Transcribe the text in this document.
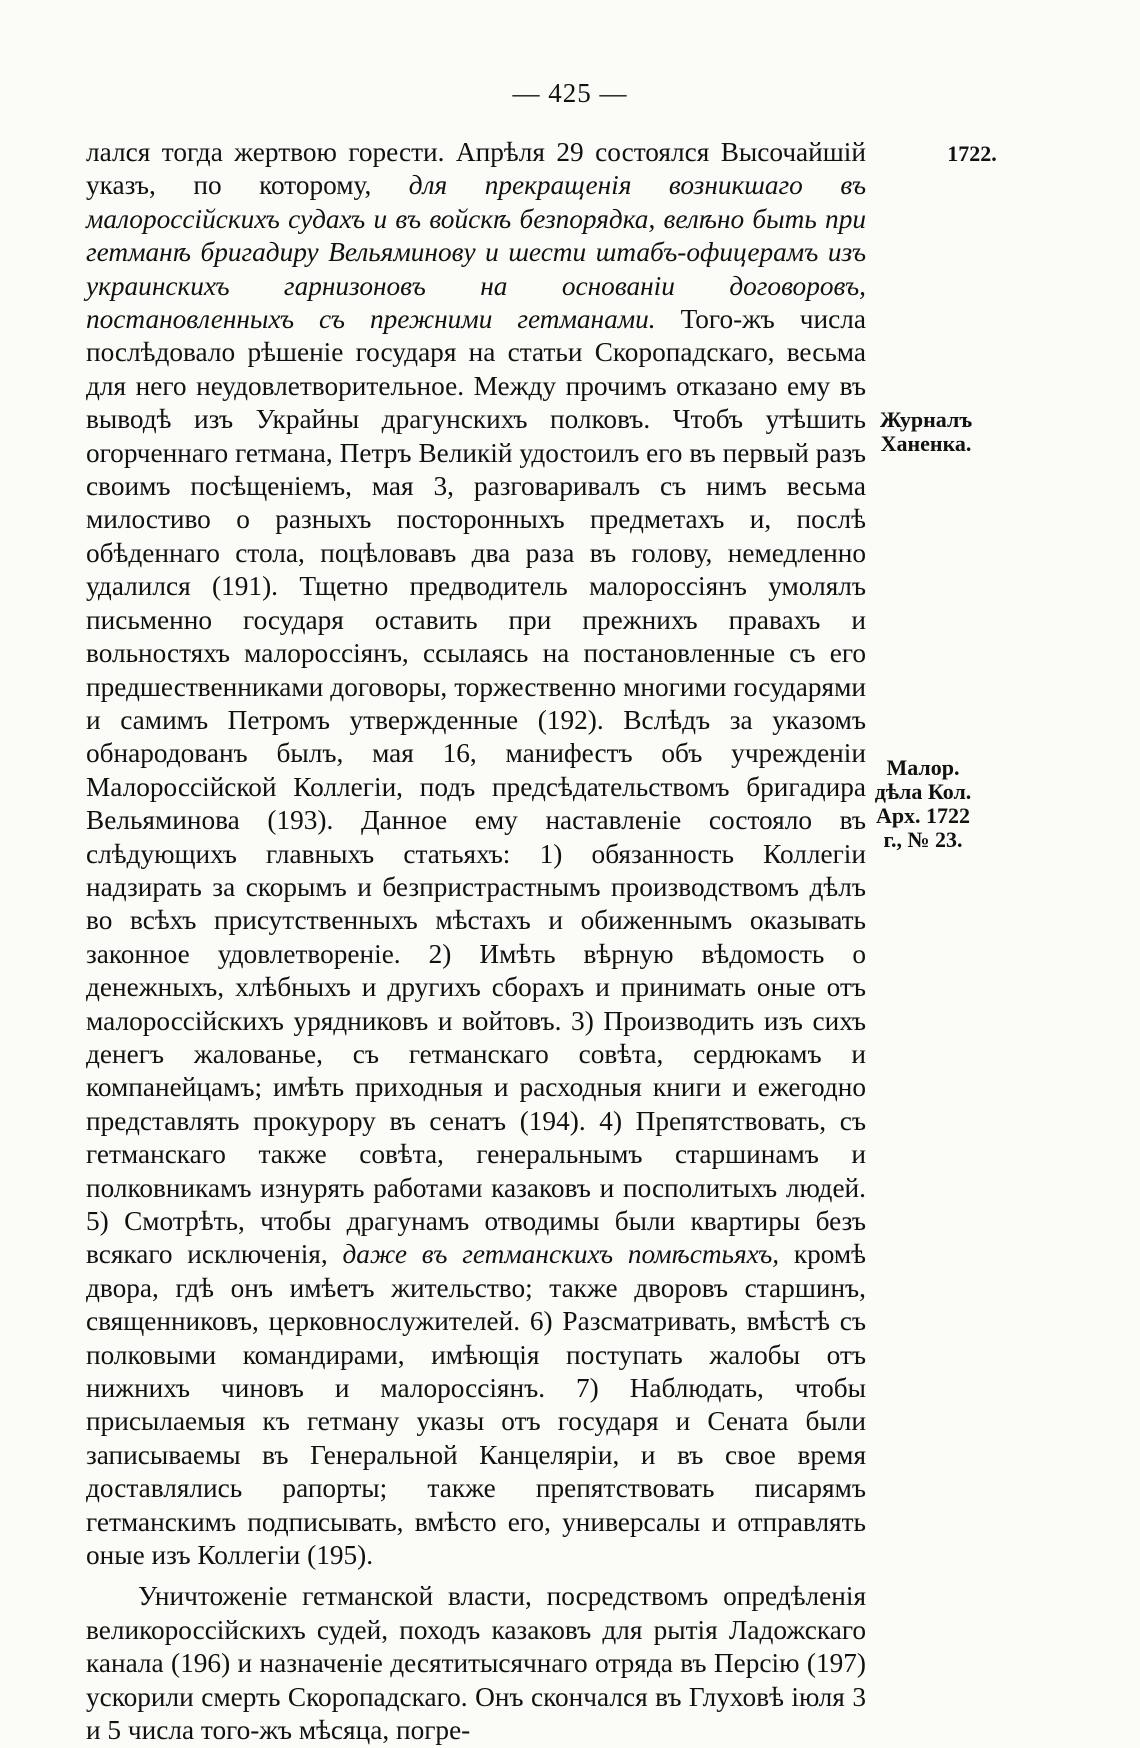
— 425 —
1722.
Журналъ Ханенка.
Малор. дѣла Кол. Арх. 1722 г., № 23.

лался тогда жертвою горести. Апрѣля 29 состоялся Высочайшій указъ, по которому, для прекращенія возникшаго въ малороссійскихъ судахъ и въ войскѣ безпорядка, велѣно быть при гетманѣ бригадиру Вельяминову и шести штабъ-офицерамъ изъ украинскихъ гарнизоновъ на основаніи договоровъ, постановленныхъ съ прежними гетманами. Того-жъ числа послѣдовало рѣшеніе государя на статьи Скоропадскаго, весьма для него неудовлетворительное. Между прочимъ отказано ему въ выводѣ изъ Украйны драгунскихъ полковъ. Чтобъ утѣшить огорченнаго гетмана, Петръ Великій удостоилъ его въ первый разъ своимъ посѣщеніемъ, мая 3, разговаривалъ съ нимъ весьма милостиво о разныхъ посторонныхъ предметахъ и, послѣ обѣденнаго стола, поцѣловавъ два раза въ голову, немедленно удалился (191). Тщетно предводитель малороссіянъ умолялъ письменно государя оставить при прежнихъ правахъ и вольностяхъ малороссіянъ, ссылаясь на постановленные съ его предшественниками договоры, торжественно многими государями и самимъ Петромъ утвержденные (192). Вслѣдъ за указомъ обнародованъ былъ, мая 16, манифестъ объ учрежденіи Малороссійской Коллегіи, подъ предсѣдательствомъ бригадира Вельяминова (193). Данное ему наставленіе состояло въ слѣдующихъ главныхъ статьяхъ: 1) обязанность Коллегіи надзирать за скорымъ и безпристрастнымъ производствомъ дѣлъ во всѣхъ присутственныхъ мѣстахъ и обиженнымъ оказывать законное удовлетвореніе. 2) Имѣть вѣрную вѣдомость о денежныхъ, хлѣбныхъ и другихъ сборахъ и принимать оные отъ малороссійскихъ урядниковъ и войтовъ. 3) Производить изъ сихъ денегъ жалованье, съ гетманскаго совѣта, сердюкамъ и компанейцамъ; имѣть приходныя и расходныя книги и ежегодно представлять прокурору въ сенатъ (194). 4) Препятствовать, съ гетманскаго также совѣта, генеральнымъ старшинамъ и полковникамъ изнурять работами казаковъ и посполитыхъ людей. 5) Смотрѣть, чтобы драгунамъ отводимы были квартиры безъ всякаго исключенія, даже въ гетманскихъ помѣстьяхъ, кромѣ двора, гдѣ онъ имѣетъ жительство; также дворовъ старшинъ, священниковъ, церковнослужителей. 6) Разсматривать, вмѣстѣ съ полковыми командирами, имѣющія поступать жалобы отъ нижнихъ чиновъ и малороссіянъ. 7) Наблюдать, чтобы присылаемыя къ гетману указы отъ государя и Сената были записываемы въ Генеральной Канцеляріи, и въ свое время доставлялись рапорты; также препятствовать писарямъ гетманскимъ подписывать, вмѣсто его, универсалы и отправлять оные изъ Коллегіи (195).

Уничтоженіе гетманской власти, посредствомъ опредѣленія великороссійскихъ судей, походъ казаковъ для рытія Ладожскаго канала (196) и назначеніе десятитысячнаго отряда въ Персію (197) ускорили смерть Скоропадскаго. Онъ скончался въ Глуховѣ іюля 3 и 5 числа того-жъ мѣсяца, погре-
